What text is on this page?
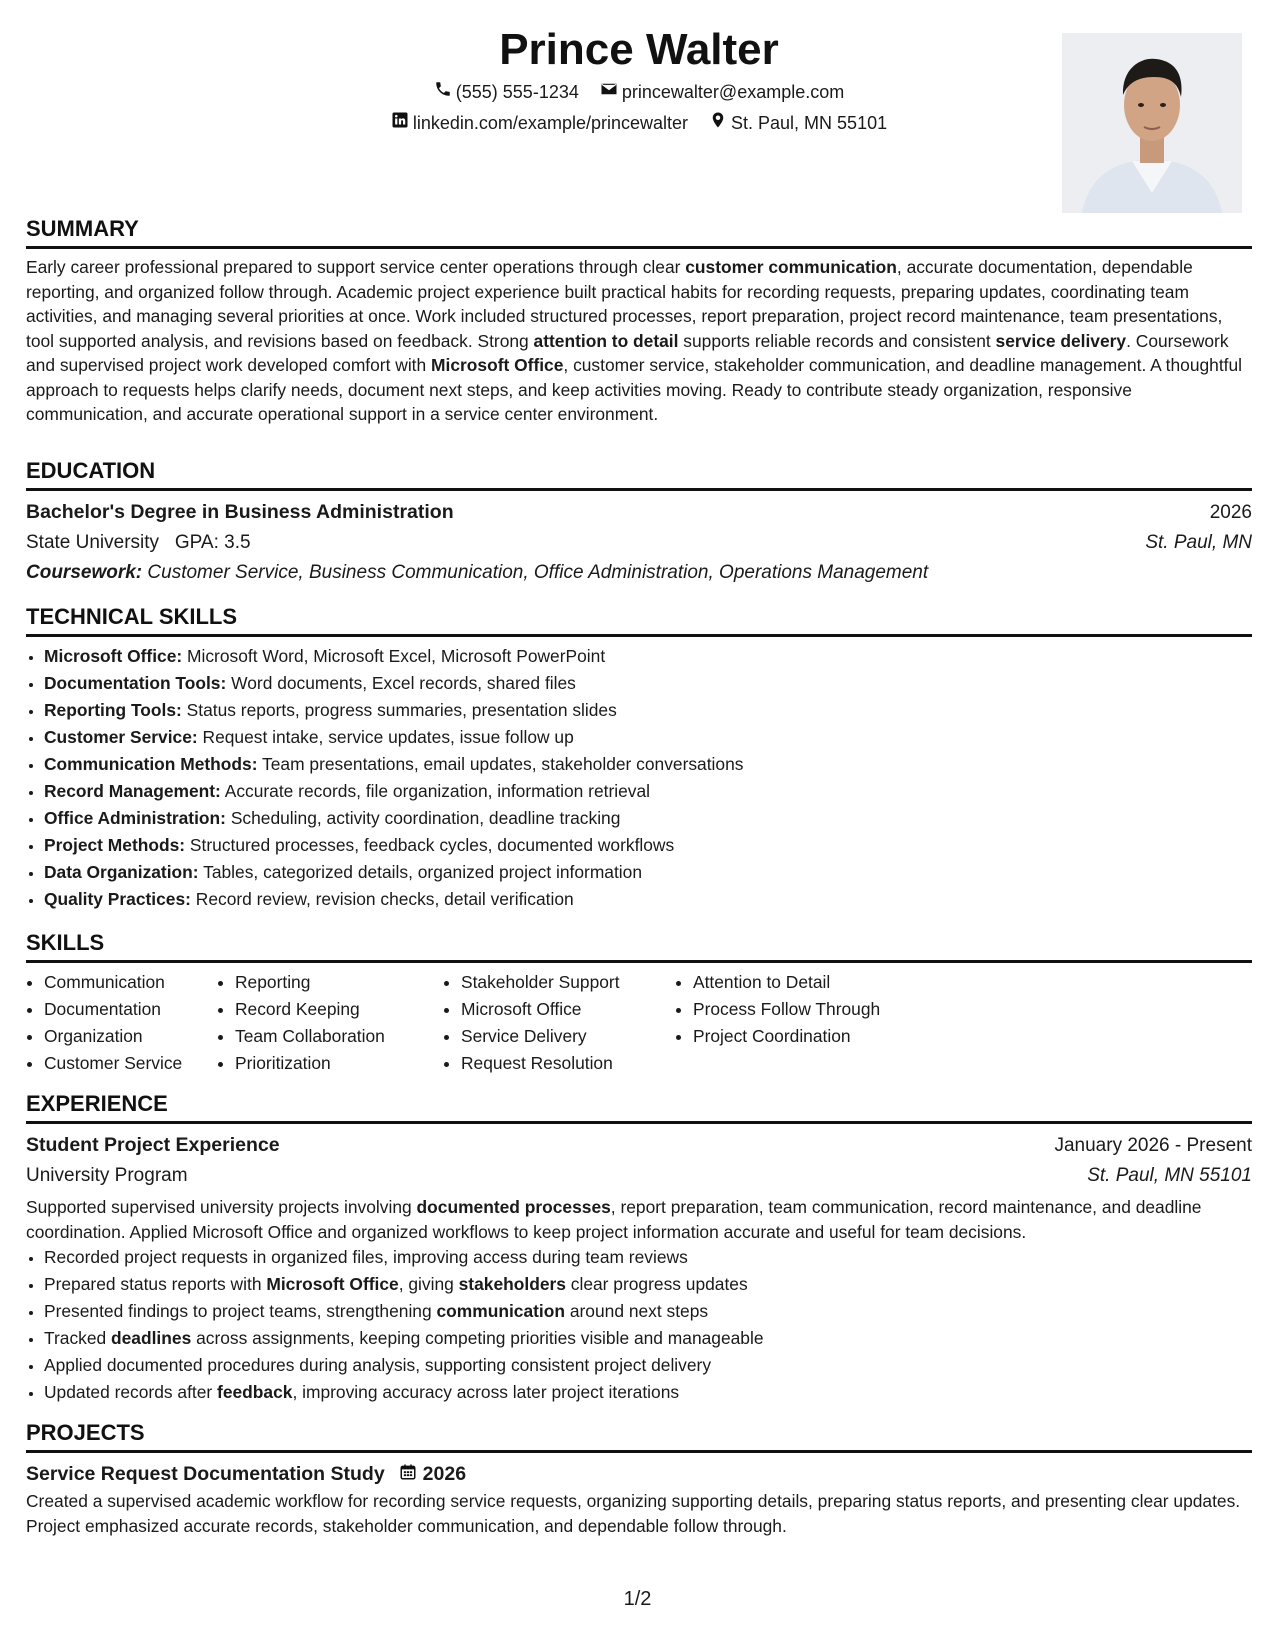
Prince Walter
(555) 555-1234
princewalter@example.com
linkedin.com/example/princewalter
St. Paul, MN 55101
SUMMARY

Early career professional prepared to support service center operations through clear customer communication, accurate documentation, dependable reporting, and organized follow through. Academic project experience built practical habits for recording requests, preparing updates, coordinating team activities, and managing several priorities at once. Work included structured processes, report preparation, project record maintenance, team presentations, tool supported analysis, and revisions based on feedback. Strong attention to detail supports reliable records and consistent service delivery. Coursework and supervised project work developed comfort with Microsoft Office, customer service, stakeholder communication, and deadline management. A thoughtful approach to requests helps clarify needs, document next steps, and keep activities moving. Ready to contribute steady organization, responsive communication, and accurate operational support in a service center environment.

EDUCATION
Bachelor's Degree in Business Administration	2026
State University GPA: 3.5	St. Paul, MN
Coursework: Customer Service, Business Communication, Office Administration, Operations Management
TECHNICAL SKILLS
• Microsoft Office: Microsoft Word, Microsoft Excel, Microsoft PowerPoint
• Documentation Tools: Word documents, Excel records, shared files
• Reporting Tools: Status reports, progress summaries, presentation slides
• Customer Service: Request intake, service updates, issue follow up
• Communication Methods: Team presentations, email updates, stakeholder conversations
• Record Management: Accurate records, file organization, information retrieval
• Office Administration: Scheduling, activity coordination, deadline tracking
• Project Methods: Structured processes, feedback cycles, documented workflows
• Data Organization: Tables, categorized details, organized project information
• Quality Practices: Record review, revision checks, detail verification
SKILLS
• Communication
• Documentation
• Organization
• Customer Service
• Reporting
• Record Keeping
• Team Collaboration
• Prioritization
• Stakeholder Support
• Microsoft Office
• Service Delivery
• Request Resolution
• Attention to Detail
• Process Follow Through
• Project Coordination
EXPERIENCE
Student Project Experience	January 2026 - Present
University Program	St. Paul, MN 55101

Supported supervised university projects involving documented processes, report preparation, team communication, record maintenance, and deadline coordination. Applied Microsoft Office and organized workflows to keep project information accurate and useful for team decisions.

• Recorded project requests in organized files, improving access during team reviews
• Prepared status reports with Microsoft Office, giving stakeholders clear progress updates
• Presented findings to project teams, strengthening communication around next steps
• Tracked deadlines across assignments, keeping competing priorities visible and manageable
• Applied documented procedures during analysis, supporting consistent project delivery
• Updated records after feedback, improving accuracy across later project iterations
PROJECTS
Service Request Documentation Study 2026

Created a supervised academic workflow for recording service requests, organizing supporting details, preparing status reports, and presenting clear updates. Project emphasized accurate records, stakeholder communication, and dependable follow through.

1/2
